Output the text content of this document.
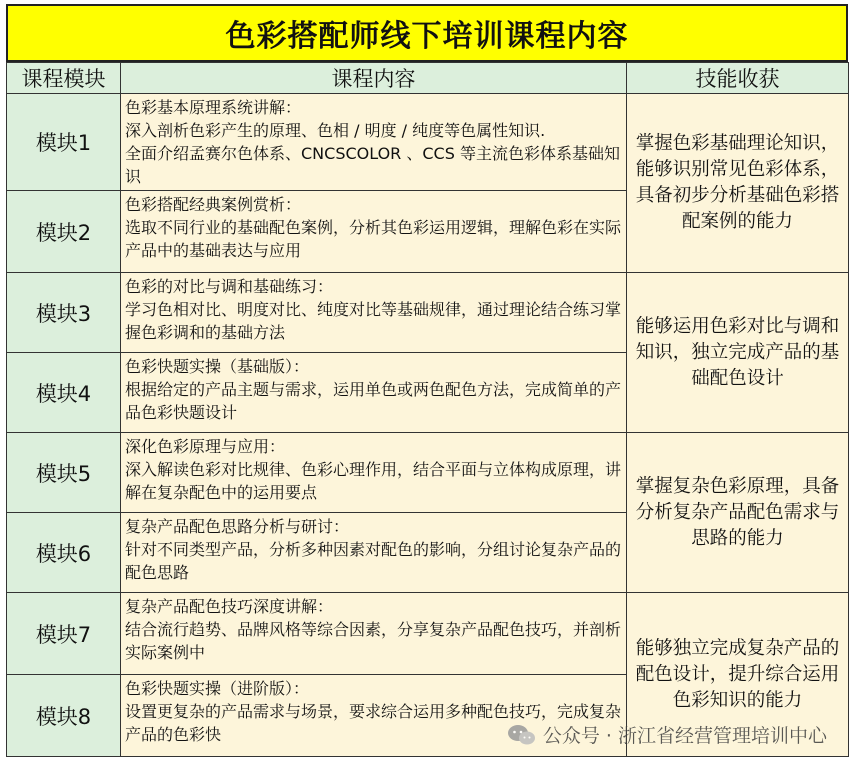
色彩搭配师线下培训课程内容
课程模块	课程内容	技能收获
模块1	色彩基本原理系统讲解：
深入剖析色彩产生的原理、色相 / 明度 / 纯度等色属性知识.
全面介绍孟赛尔色体系、CNCSCOLOR 、CCS 等主流色彩体系基础知识	掌握色彩基础理论知识，能够识别常见色彩体系，具备初步分析基础色彩搭配案例的能力
模块2	色彩搭配经典案例赏析：
选取不同行业的基础配色案例，分析其色彩运用逻辑，理解色彩在实际产品中的基础表达与应用	

模块3	色彩的对比与调和基础练习：
学习色相对比、明度对比、纯度对比等基础规律，通过理论结合练习掌握色彩调和的基础方法	能够运用色彩对比与调和知识，独立完成产品的基础配色设计
模块4	色彩快题实操（基础版）：
根据给定的产品主题与需求，运用单色或两色配色方法，完成简单的产品色彩快题设计	

模块5	深化色彩原理与应用：
深入解读色彩对比规律、色彩心理作用，结合平面与立体构成原理，讲解在复杂配色中的运用要点	掌握复杂色彩原理，具备分析复杂产品配色需求与思路的能力
模块6	复杂产品配色思路分析与研讨：
针对不同类型产品，分析多种因素对配色的影响，分组讨论复杂产品的配色思路	

模块7	复杂产品配色技巧深度讲解：
结合流行趋势、品牌风格等综合因素，分享复杂产品配色技巧，并剖析实际案例中	能够独立完成复杂产品的配色设计，提升综合运用色彩知识的能力
模块8	色彩快题实操（进阶版）：
设置更复杂的产品需求与场景，要求综合运用多种配色技巧，完成复杂产品的色彩快		公众号 · 浙江省经营管理培训中心
